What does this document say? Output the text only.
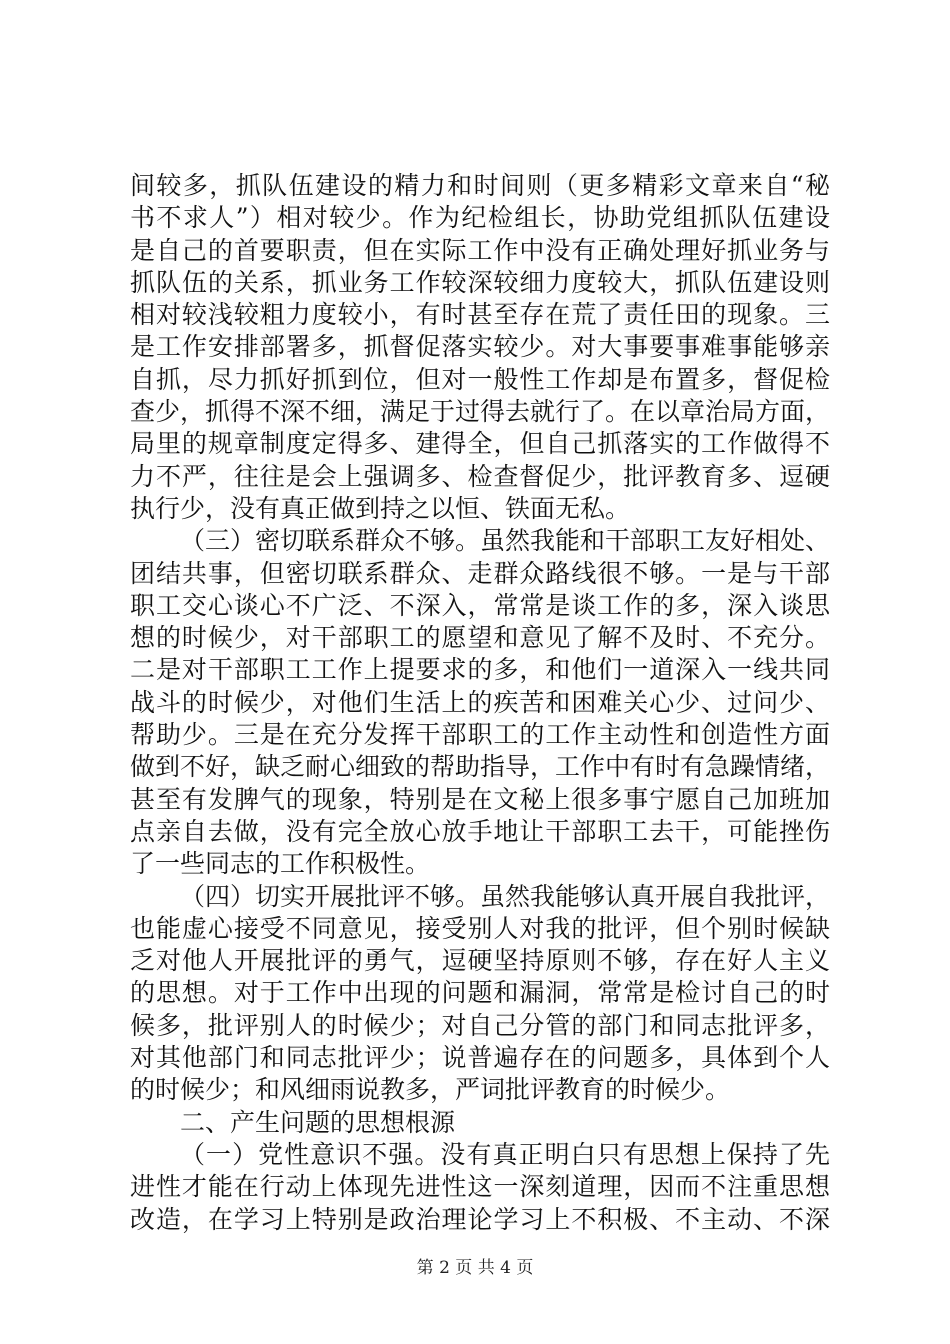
间较多，抓队伍建设的精力和时间则（更多精彩文章来自“秘
书不求人”）相对较少。作为纪检组长，协助党组抓队伍建设
是自己的首要职责，但在实际工作中没有正确处理好抓业务与
抓队伍的关系，抓业务工作较深较细力度较大，抓队伍建设则
相对较浅较粗力度较小，有时甚至存在荒了责任田的现象。三
是工作安排部署多，抓督促落实较少。对大事要事难事能够亲
自抓，尽力抓好抓到位，但对一般性工作却是布置多，督促检
查少，抓得不深不细，满足于过得去就行了。在以章治局方面，
局里的规章制度定得多、建得全，但自己抓落实的工作做得不
力不严，往往是会上强调多、检查督促少，批评教育多、逗硬
执行少，没有真正做到持之以恒、铁面无私。
（三）密切联系群众不够。虽然我能和干部职工友好相处、
团结共事，但密切联系群众、走群众路线很不够。一是与干部
职工交心谈心不广泛、不深入，常常是谈工作的多，深入谈思
想的时候少，对干部职工的愿望和意见了解不及时、不充分。
二是对干部职工工作上提要求的多，和他们一道深入一线共同
战斗的时候少，对他们生活上的疾苦和困难关心少、过问少、
帮助少。三是在充分发挥干部职工的工作主动性和创造性方面
做到不好，缺乏耐心细致的帮助指导，工作中有时有急躁情绪，
甚至有发脾气的现象，特别是在文秘上很多事宁愿自己加班加
点亲自去做，没有完全放心放手地让干部职工去干，可能挫伤
了一些同志的工作积极性。
（四）切实开展批评不够。虽然我能够认真开展自我批评，
也能虚心接受不同意见，接受别人对我的批评，但个别时候缺
乏对他人开展批评的勇气，逗硬坚持原则不够，存在好人主义
的思想。对于工作中出现的问题和漏洞，常常是检讨自己的时
候多，批评别人的时候少；对自己分管的部门和同志批评多，
对其他部门和同志批评少；说普遍存在的问题多，具体到个人
的时候少；和风细雨说教多，严词批评教育的时候少。
二、产生问题的思想根源
（一）党性意识不强。没有真正明白只有思想上保持了先
进性才能在行动上体现先进性这一深刻道理，因而不注重思想
改造，在学习上特别是政治理论学习上不积极、不主动、不深
第 2 页 共 4 页
